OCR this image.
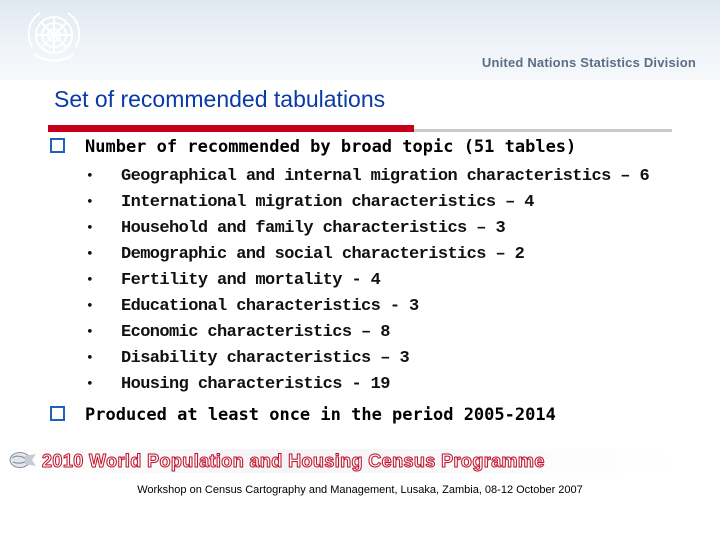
United Nations Statistics Division
Set of recommended tabulations
Number of recommended by broad topic (51 tables)
• Geographical and internal migration characteristics – 6
• International migration characteristics – 4
• Household and family characteristics – 3
• Demographic and social characteristics – 2
• Fertility and mortality - 4
• Educational characteristics - 3
• Economic characteristics – 8
• Disability characteristics – 3
• Housing characteristics - 19
Produced at least once in the period 2005-2014
2010 World Population and Housing Census Programme
Workshop on Census Cartography and Management, Lusaka, Zambia, 08-12 October 2007
